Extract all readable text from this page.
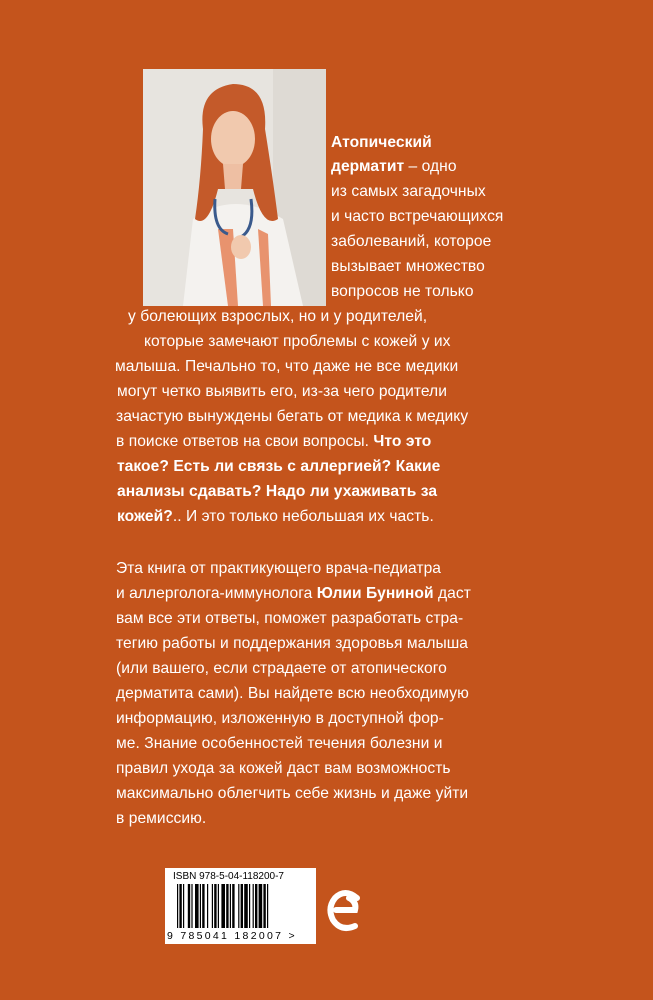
Атопический
дерматит – одно
из самых загадочных
и часто встречающихся
заболеваний, которое
вызывает множество
вопросов не только
у болеющих взрослых, но и у родителей,
которые замечают проблемы с кожей у их
малыша. Печально то, что даже не все медики
могут четко выявить его, из-за чего родители
зачастую вынуждены бегать от медика к медику
в поиске ответов на свои вопросы. Что это
такое? Есть ли связь с аллергией? Какие
анализы сдавать? Надо ли ухаживать за
кожей?.. И это только небольшая их часть.
Эта книга от практикующего врача-педиатра
и аллерголога-иммунолога Юлии Буниной даст
вам все эти ответы, поможет разработать стра-
тегию работы и поддержания здоровья малыша
(или вашего, если страдаете от атопического
дерматита сами). Вы найдете всю необходимую
информацию, изложенную в доступной фор-
ме. Знание особенностей течения болезни и
правил ухода за кожей даст вам возможность
максимально облегчить себе жизнь и даже уйти
в ремиссию.
ISBN 978-5-04-118200-7
9 785041 182007 >
